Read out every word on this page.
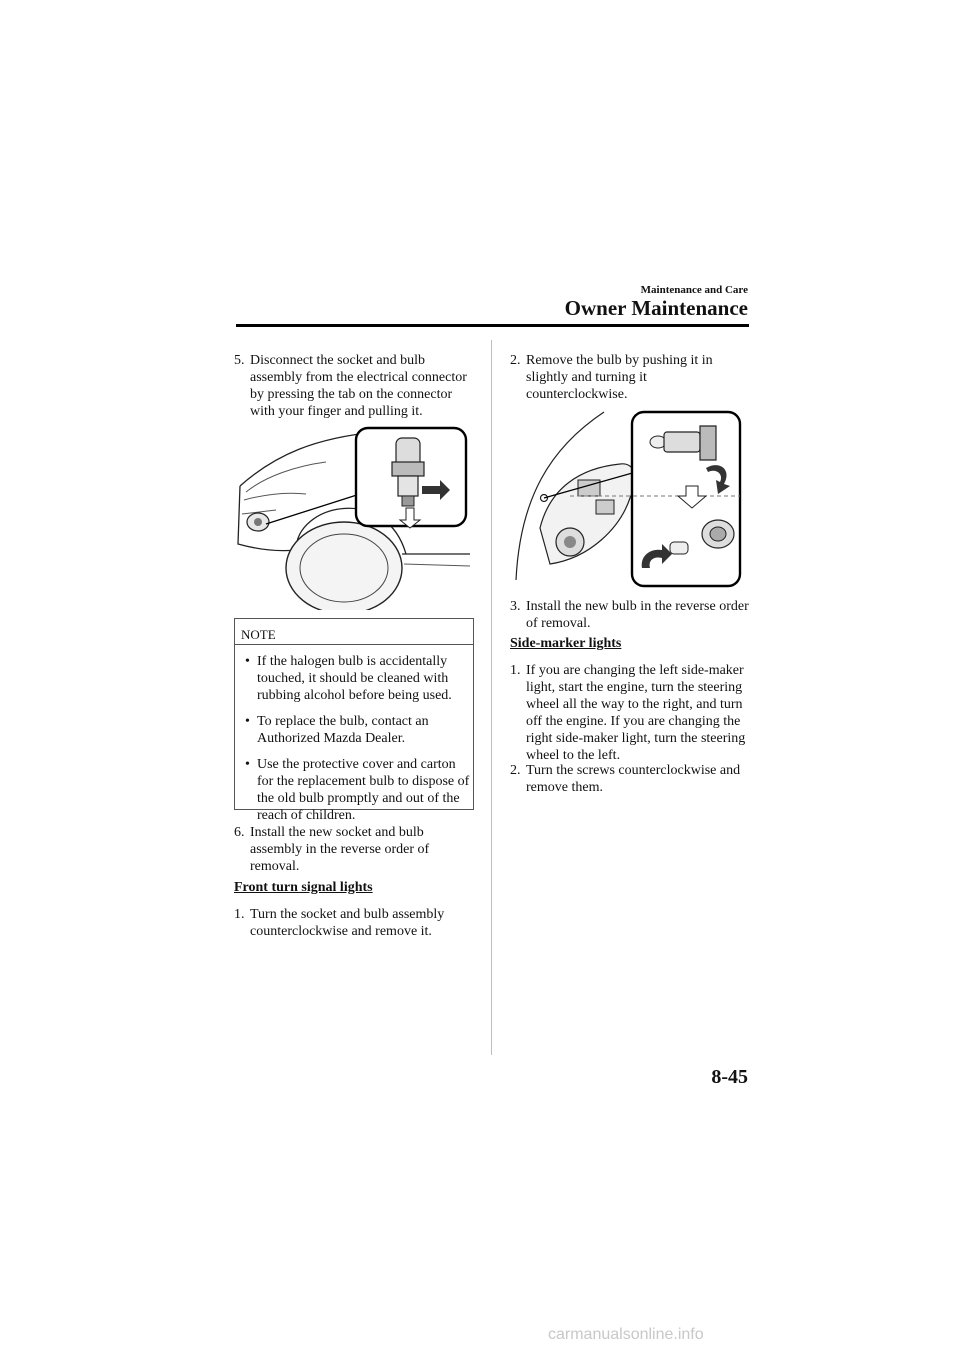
Maintenance and Care
Owner Maintenance
5. Disconnect the socket and bulb assembly from the electrical connector by pressing the tab on the connector with your finger and pulling it.
NOTE
• If the halogen bulb is accidentally touched, it should be cleaned with rubbing alcohol before being used.
• To replace the bulb, contact an Authorized Mazda Dealer.
• Use the protective cover and carton for the replacement bulb to dispose of the old bulb promptly and out of the reach of children.
6. Install the new socket and bulb assembly in the reverse order of removal.
Front turn signal lights
1. Turn the socket and bulb assembly counterclockwise and remove it.
2. Remove the bulb by pushing it in slightly and turning it counterclockwise.
3. Install the new bulb in the reverse order of removal.
Side-marker lights
1. If you are changing the left side-maker light, start the engine, turn the steering wheel all the way to the right, and turn off the engine. If you are changing the right side-maker light, turn the steering wheel to the left.
2. Turn the screws counterclockwise and remove them.
8-45
carmanualsonline.info
